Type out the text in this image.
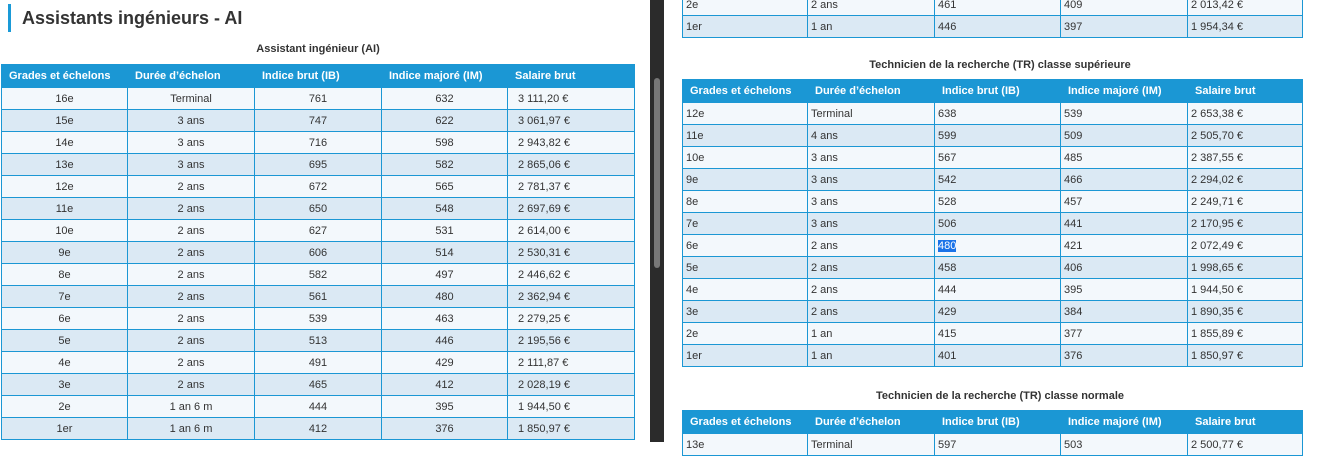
Assistants ingénieurs - AI
Assistant ingénieur (AI)
Grades et échelons	Durée d’échelon	Indice brut (IB)	Indice majoré (IM)	Salaire brut
16e	Terminal	761	632	3 111,20 €
15e	3 ans	747	622	3 061,97 €
14e	3 ans	716	598	2 943,82 €
13e	3 ans	695	582	2 865,06 €
12e	2 ans	672	565	2 781,37 €
11e	2 ans	650	548	2 697,69 €
10e	2 ans	627	531	2 614,00 €
9e	2 ans	606	514	2 530,31 €
8e	2 ans	582	497	2 446,62 €
7e	2 ans	561	480	2 362,94 €
6e	2 ans	539	463	2 279,25 €
5e	2 ans	513	446	2 195,56 €
4e	2 ans	491	429	2 111,87 €
3e	2 ans	465	412	2 028,19 €
2e	1 an 6 m	444	395	1 944,50 €
1er	1 an 6 m	412	376	1 850,97 €
2e	2 ans	461	409	2 013,42 €
1er	1 an	446	397	1 954,34 €
Technicien de la recherche (TR) classe supérieure
Grades et échelons	Durée d’échelon	Indice brut (IB)	Indice majoré (IM)	Salaire brut
12e	Terminal	638	539	2 653,38 €
11e	4 ans	599	509	2 505,70 €
10e	3 ans	567	485	2 387,55 €
9e	3 ans	542	466	2 294,02 €
8e	3 ans	528	457	2 249,71 €
7e	3 ans	506	441	2 170,95 €
6e	2 ans	480	421	2 072,49 €
5e	2 ans	458	406	1 998,65 €
4e	2 ans	444	395	1 944,50 €
3e	2 ans	429	384	1 890,35 €
2e	1 an	415	377	1 855,89 €
1er	1 an	401	376	1 850,97 €
Technicien de la recherche (TR) classe normale
Grades et échelons	Durée d’échelon	Indice brut (IB)	Indice majoré (IM)	Salaire brut
13e	Terminal	597	503	2 500,77 €
